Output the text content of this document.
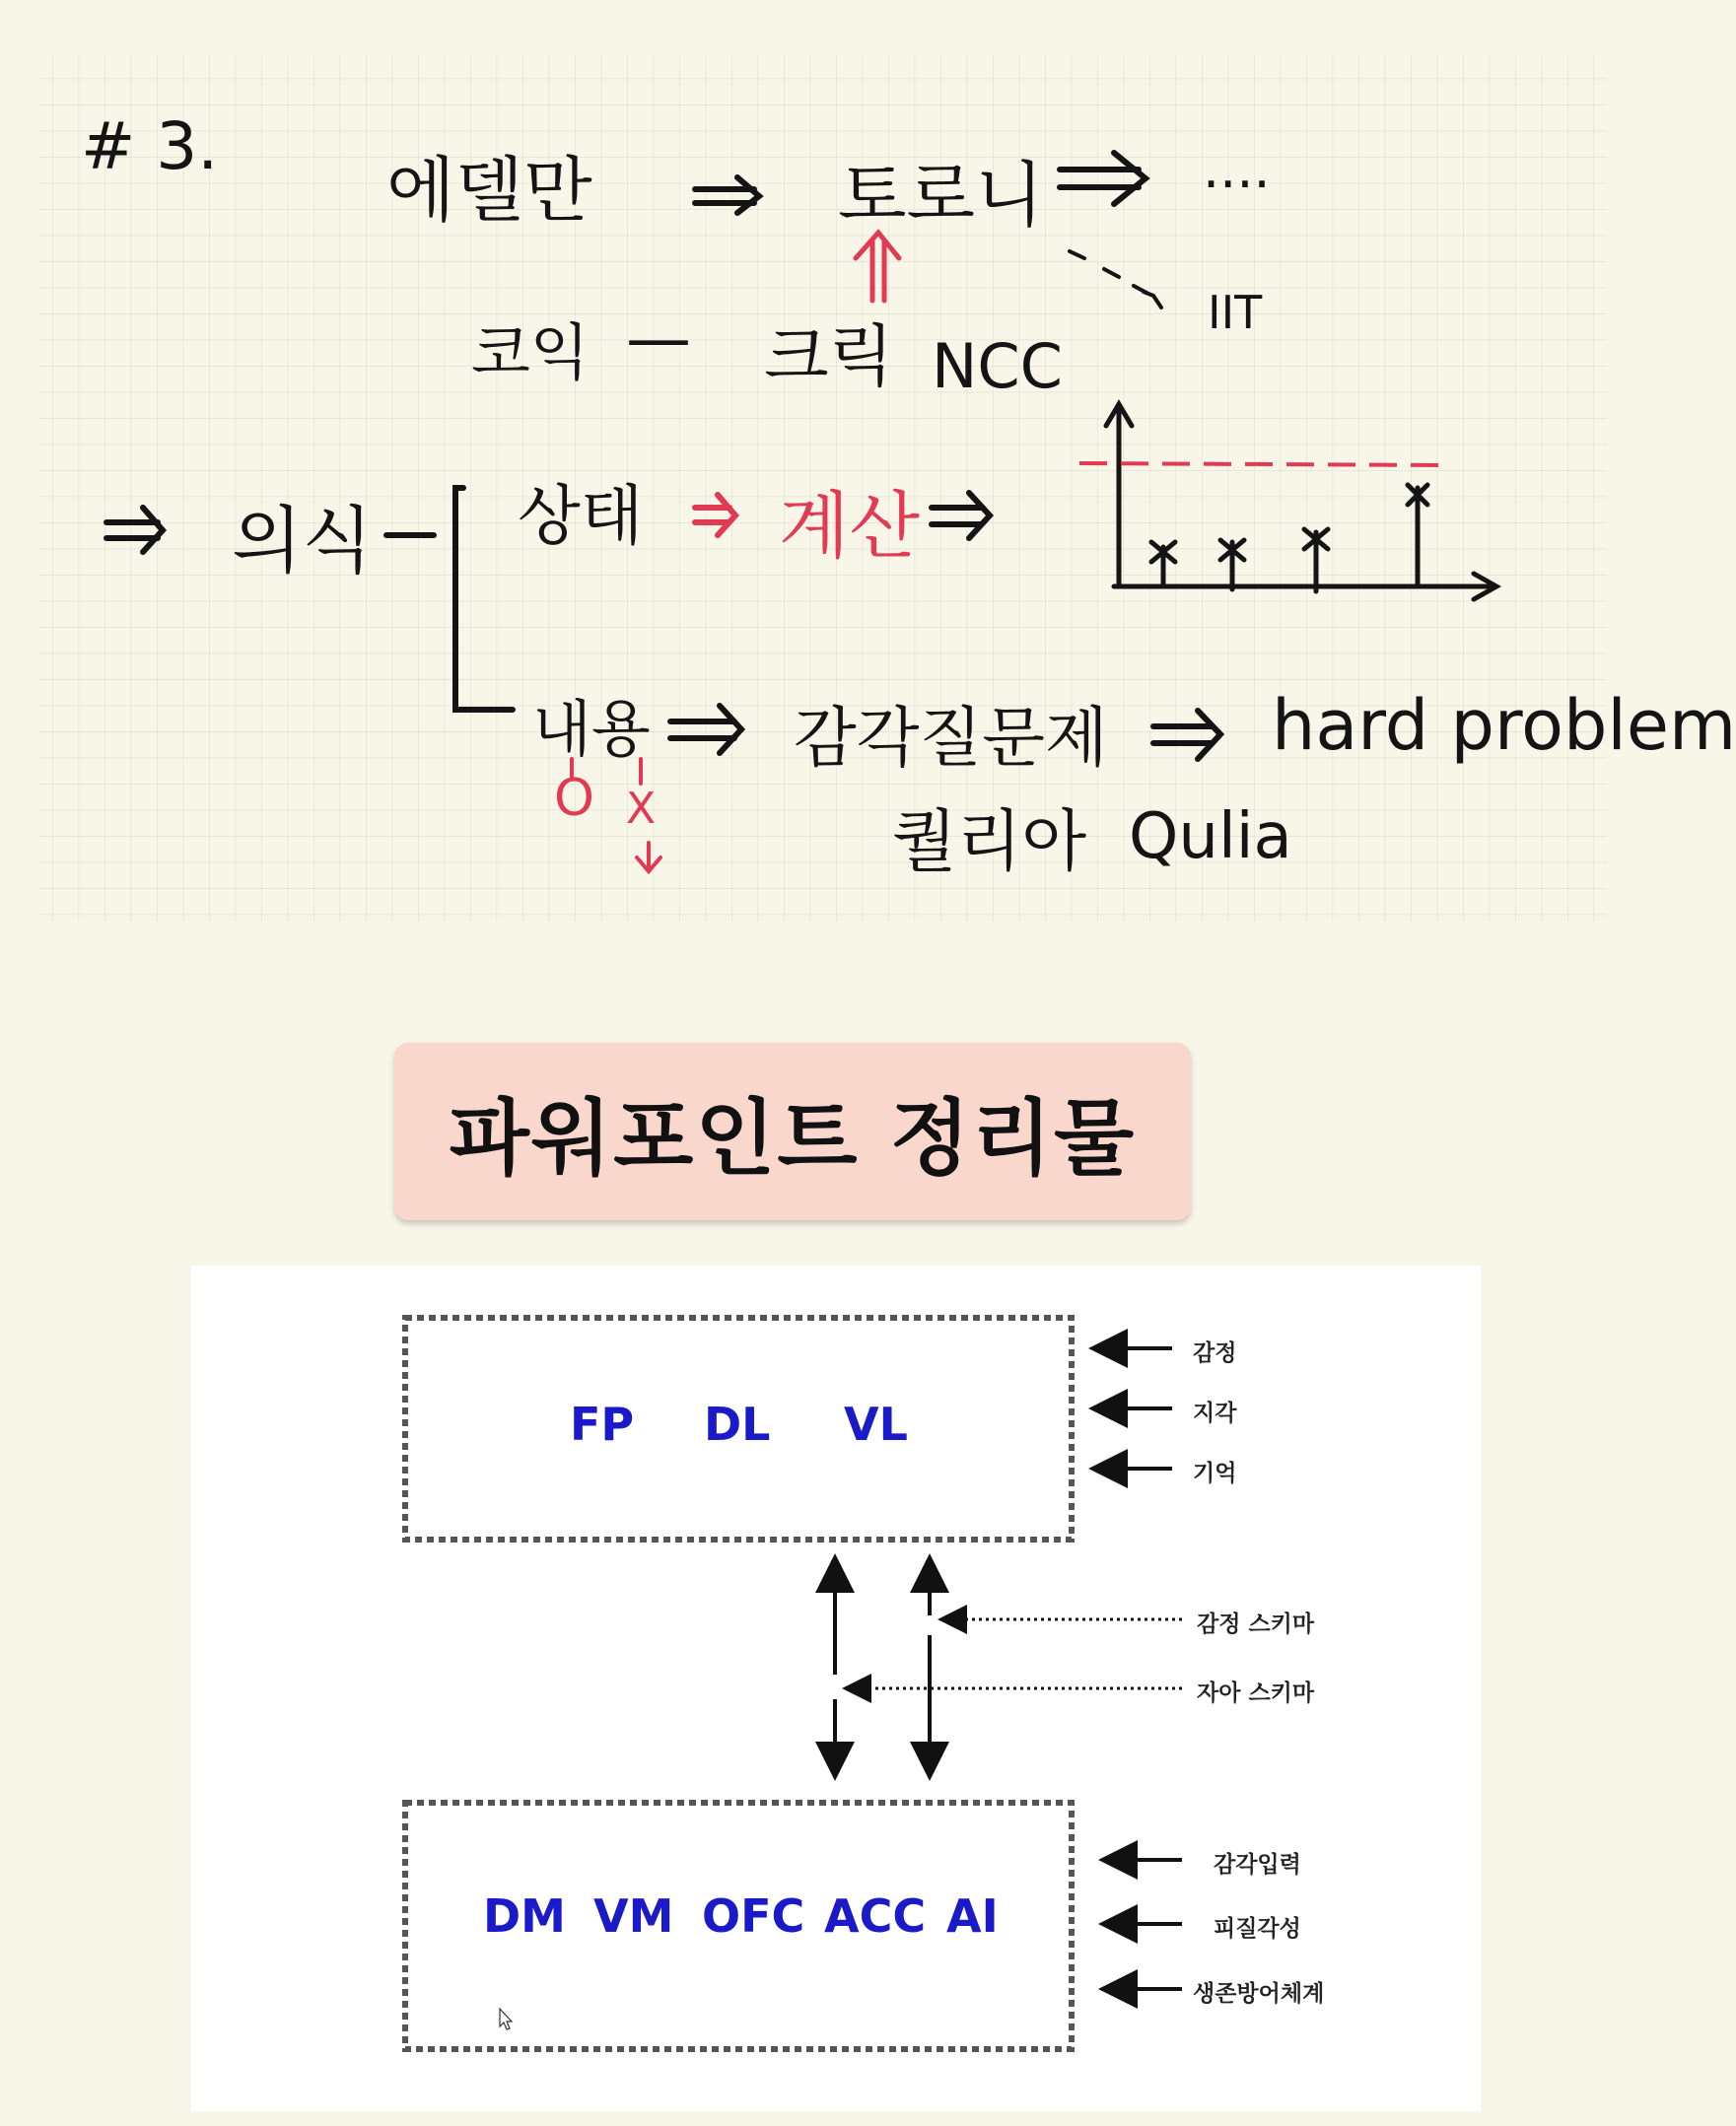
# 3.
에델만	토로니	....
코익 — 크릭 NCC
IIT
의식 상태 계산
내용
O X
감각질문제 hard problem
퀄리아 Qulia
파워포인트 정리물
FP DL VL
DM VM OFC ACC AI
감정
지각
기억
감정 스키마
자아 스키마
감각입력
피질각성
생존방어체계
